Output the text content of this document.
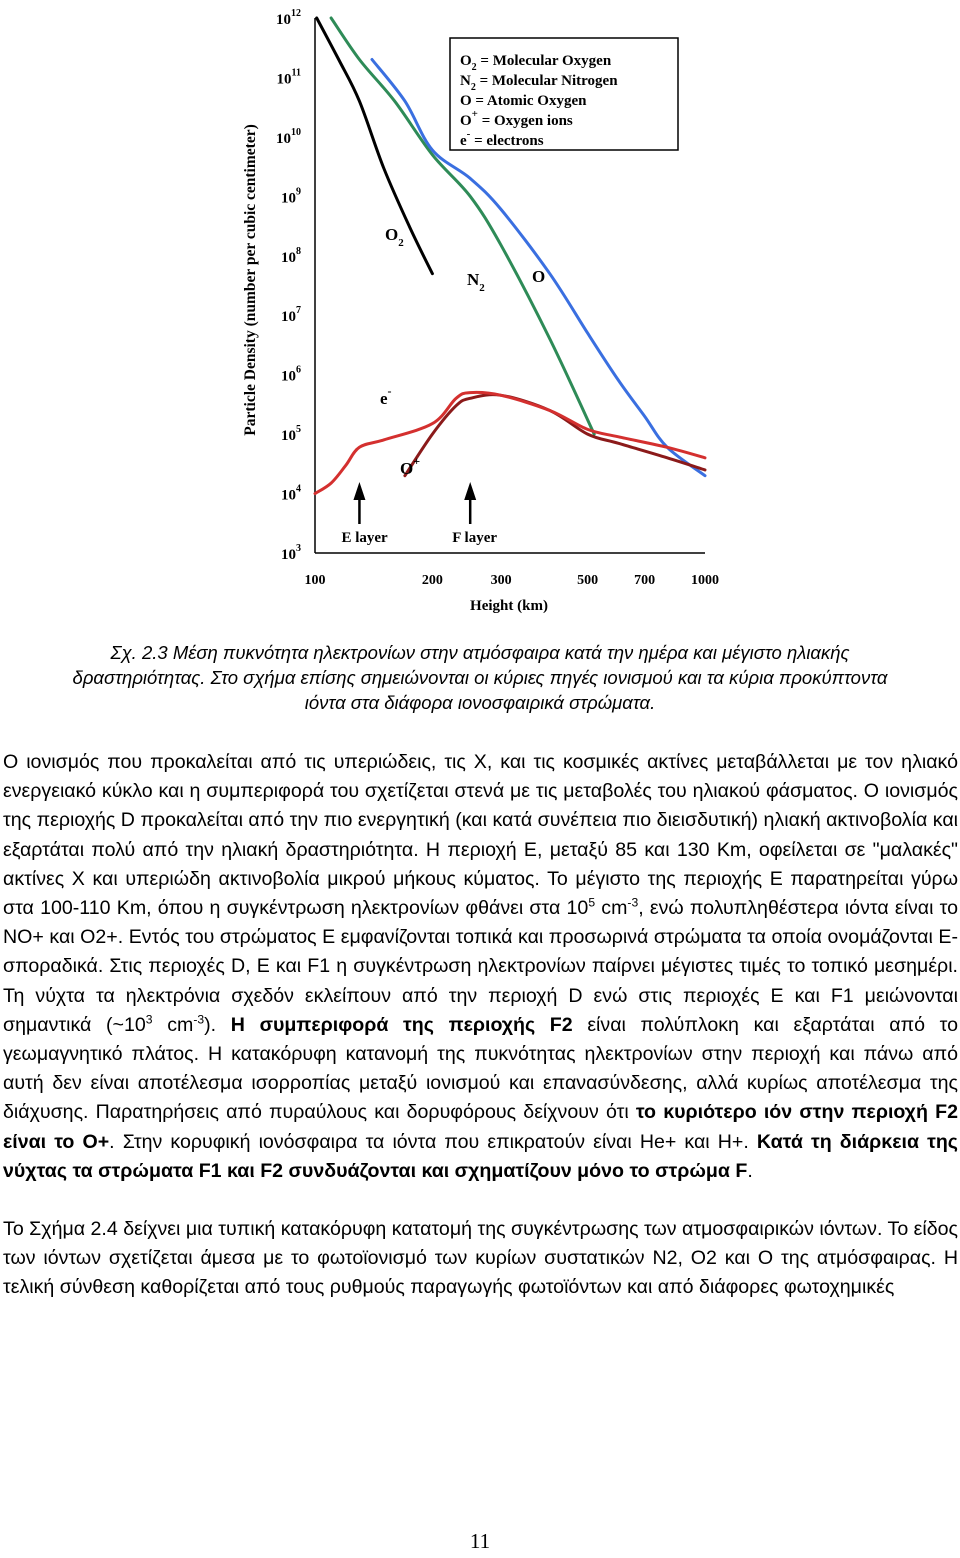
$10^{12}$
$10^{11}$
$10^{10}$
$10^9$
$10^8$
$10^7$
$10^6$
$10^5$
$10^4$
$10^3$
100	200	300	500	700	1000
E layer	F layer
$O_2$
$N_2$
O
e-
O+
$O_2$ = Molecular Oxygen
$N_2$ = Molecular Nitrogen
O = Atomic Oxygen
O+ = Oxygen ions
e- = electrons
Particle Density (number per cubic centimeter)
Height (km)

Σχ. 2.3 Μέση πυκνότητα ηλεκτρονίων στην ατμόσφαιρα κατά την ημέρα και μέγιστο ηλιακής

δραστηριότητας. Στο σχήμα επίσης σημειώνονται οι κύριες πηγές ιονισμού και τα κύρια προκύπτοντα

ιόντα στα διάφορα ιονοσφαιρικά στρώματα.

Ο ιονισμός που προκαλείται από τις υπεριώδεις, τις X, και τις κοσμικές ακτίνες μεταβάλλεται με τον ηλιακό ενεργειακό κύκλο και η συμπεριφορά του σχετίζεται στενά με τις μεταβολές του ηλιακού φάσματος. Ο ιονισμός της περιοχής D προκαλείται από την πιο ενεργητική (και κατά συνέπεια πιο διεισδυτική) ηλιακή ακτινοβολία και εξαρτάται πολύ από την ηλιακή δραστηριότητα. Η περιοχή E, μεταξύ 85 και 130 Km, οφείλεται σε "μαλακές" ακτίνες X και υπεριώδη ακτινοβολία μικρού μήκους κύματος. Το μέγιστο της περιοχής E παρατηρείται γύρω στα 100-110 Km, όπου η συγκέντρωση ηλεκτρονίων φθάνει στα $10^5$ $cm^{-3}$, ενώ πολυπληθέστερα ιόντα είναι το NO+ και O2+. Εντός του στρώματος E εμφανίζονται τοπικά και προσωρινά στρώματα τα οποία ονομάζονται E-σποραδικά. Στις περιοχές D, E και F1 η συγκέντρωση ηλεκτρονίων παίρνει μέγιστες τιμές το τοπικό μεσημέρι. Τη νύχτα τα ηλεκτρόνια σχεδόν εκλείπουν από την περιοχή D ενώ στις περιοχές E και F1 μειώνονται σημαντικά ($\sim 10^3$ $cm^{-3}$). Η συμπεριφορά της περιοχής F2 είναι πολύπλοκη και εξαρτάται από το γεωμαγνητικό πλάτος. Η κατακόρυφη κατανομή της πυκνότητας ηλεκτρονίων στην περιοχή και πάνω από αυτή δεν είναι αποτέλεσμα ισορροπίας μεταξύ ιονισμού και επανασύνδεσης, αλλά κυρίως αποτέλεσμα της διάχυσης. Παρατηρήσεις από πυραύλους και δορυφόρους δείχνουν ότι το κυριότερο ιόν στην περιοχή F2 είναι το O+. Στην κορυφική ιονόσφαιρα τα ιόντα που επικρατούν είναι He+ και H+. Κατά τη διάρκεια της νύχτας τα στρώματα F1 και F2 συνδυάζονται και σχηματίζουν μόνο το στρώμα F.

Το Σχήμα 2.4 δείχνει μια τυπική κατακόρυφη κατατομή της συγκέντρωσης των ατμοσφαιρικών ιόντων. Το είδος των ιόντων σχετίζεται άμεσα με το φωτοϊονισμό των κυρίων συστατικών N2, O2 και O της ατμόσφαιρας. Η τελική σύνθεση καθορίζεται από τους ρυθμούς παραγωγής φωτοϊόντων και από διάφορες φωτοχημικές

11
